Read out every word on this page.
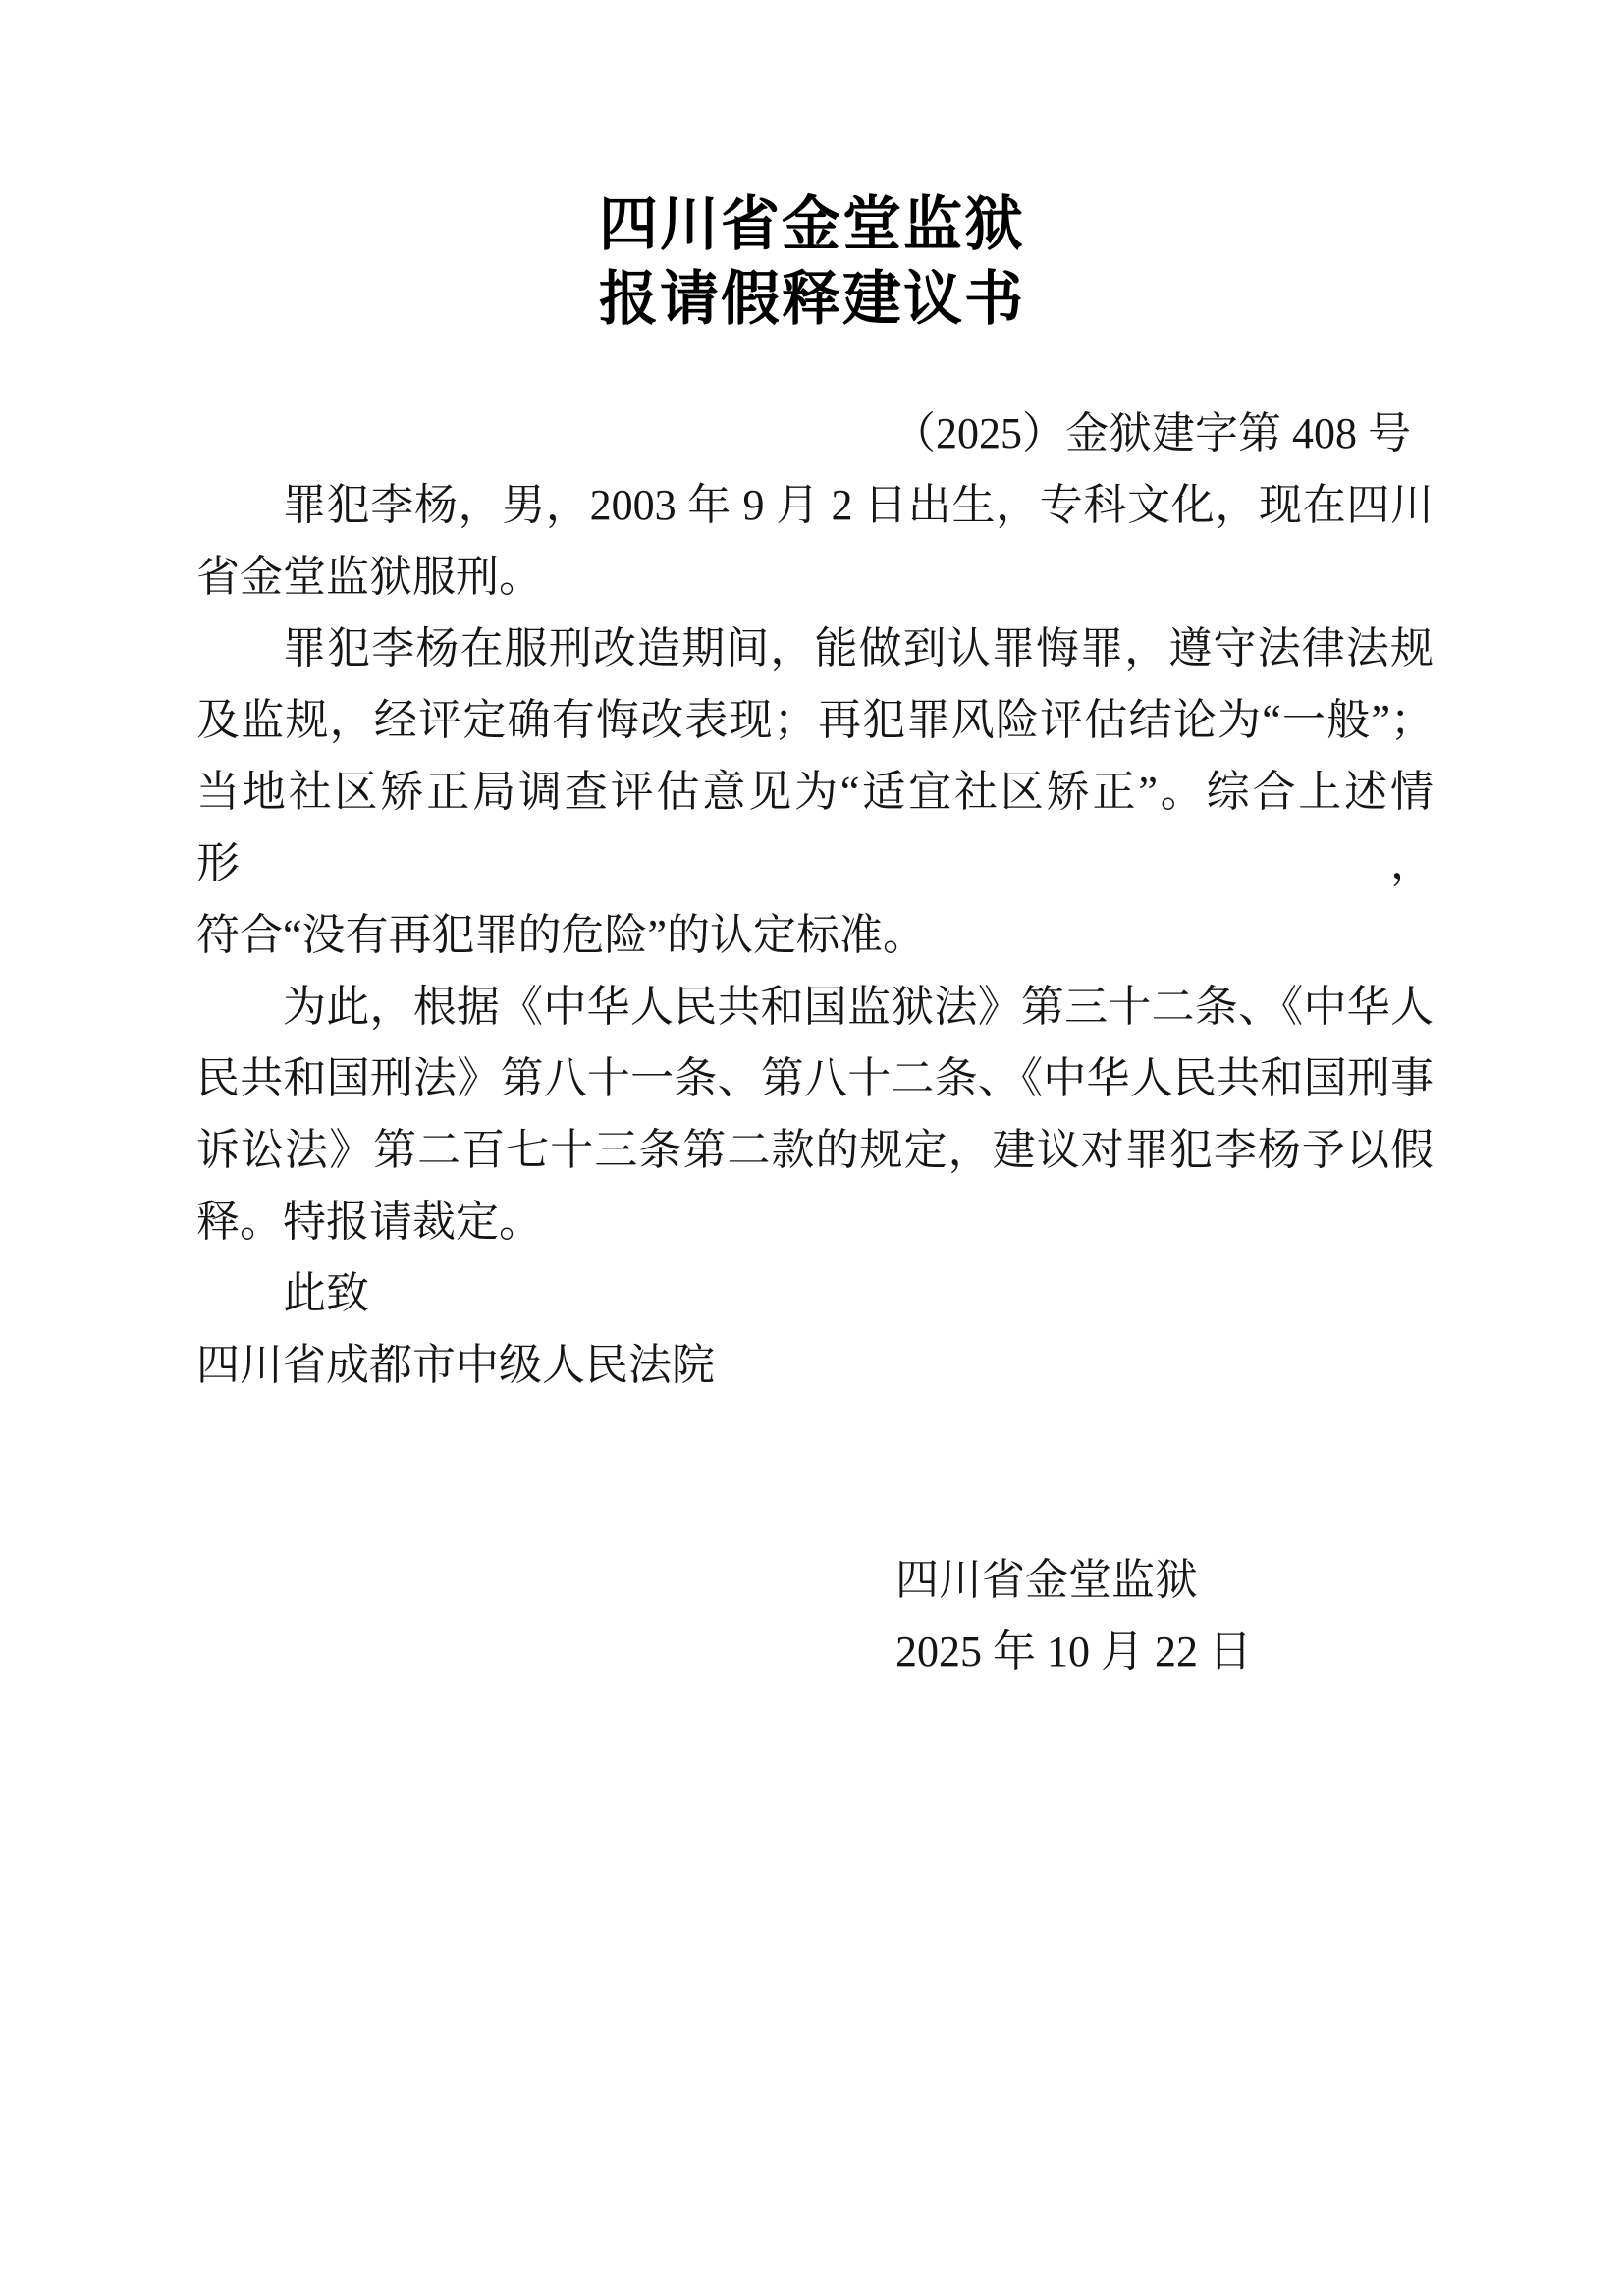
四川省金堂监狱
报请假释建议书
（2025）金狱建字第 408 号
罪犯李杨，男，2003 年 9 月 2 日出生，专科文化，现在四川
省金堂监狱服刑。
罪犯李杨在服刑改造期间，能做到认罪悔罪，遵守法律法规
及监规，经评定确有悔改表现；再犯罪风险评估结论为“一般”；
当地社区矫正局调查评估意见为“适宜社区矫正”。综合上述情形，
符合“没有再犯罪的危险”的认定标准。
为此，根据《中华人民共和国监狱法》第三十二条、《中华人
民共和国刑法》第八十一条、第八十二条、《中华人民共和国刑事
诉讼法》第二百七十三条第二款的规定，建议对罪犯李杨予以假
释。特报请裁定。
此致
四川省成都市中级人民法院
四川省金堂监狱
2025 年 10 月 22 日
